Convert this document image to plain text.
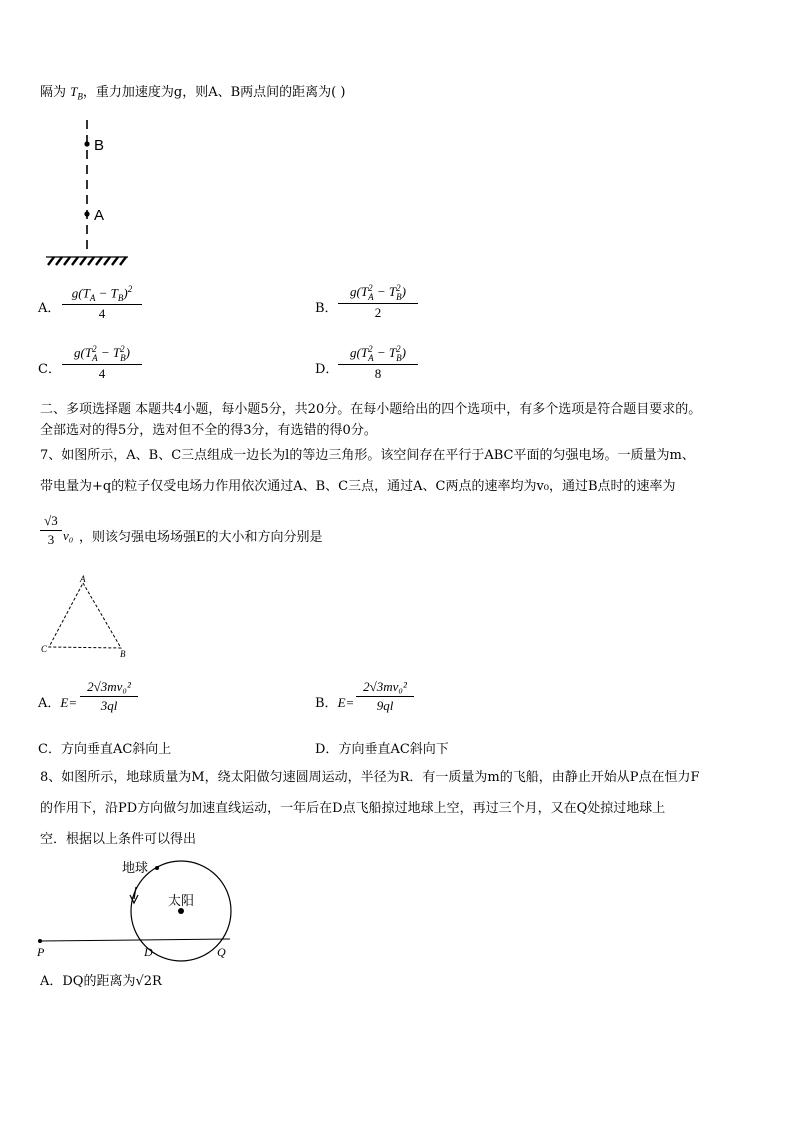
隔为 $T_B$，重力加速度为g，则A、B两点间的距离为( )
B
A
A．
$g(T_A - T_B)^2$
4	B．
g(T $_{2 A}$ − T $_{2 B}$)
2
C．
g(T $_{2 A}$ − T $_{2 B}$)
4	D．
g(T $_{2 A}$ − T $_{2 B}$)
8
二、多项选择题 本题共4小题，每小题5分，共20分。在每小题给出的四个选项中，有多个选项是符合题目要求的。
全部选对的得5分，选对但不全的得3分，有选错的得0分。
7、如图所示，A、B、C三点组成一边长为l的等边三角形。该空间存在平行于ABC平面的匀强电场。一质量为m、
带电量为+q的粒子仅受电场力作用依次通过A、B、C三点，通过A、C两点的速率均为v₀，通过B点时的速率为
√3
3 v₀ ，则该匀强电场场强E的大小和方向分别是
A
B
C
A．E=
2√3mv₀²
3ql	B．E=
2√3mv₀²
9ql
C．方向垂直AC斜向上	D．方向垂直AC斜向下
8、如图所示，地球质量为M，绕太阳做匀速圆周运动，半径为R．有一质量为m的飞船，由静止开始从P点在恒力F
的作用下，沿PD方向做匀加速直线运动，一年后在D点飞船掠过地球上空，再过三个月，又在Q处掠过地球上
空．根据以上条件可以得出
地球
太阳
P	D	Q
A．DQ的距离为√2R
